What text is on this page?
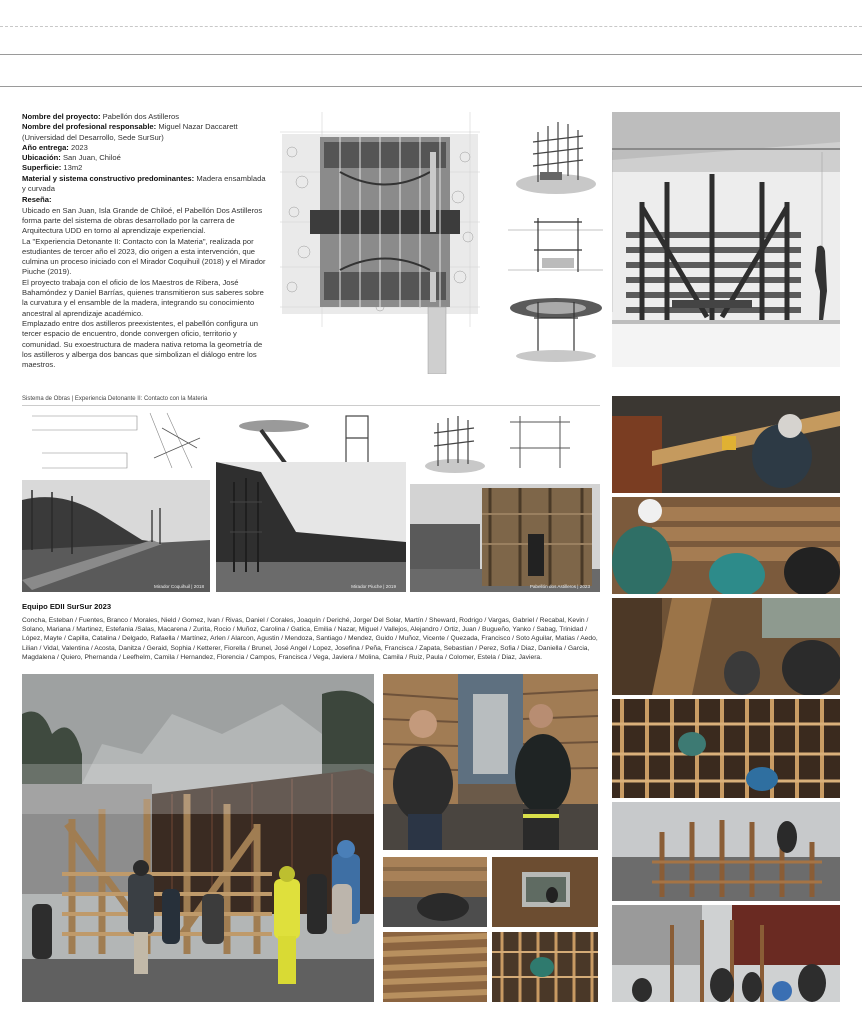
Nombre del proyecto: Pabellón dos Astilleros

Nombre del profesional responsable: Miguel Nazar Daccarett (Universidad del Desarrollo, Sede SurSur)

Año entrega: 2023

Ubicación: San Juan, Chiloé

Superficie: 13m2

Material y sistema constructivo predominantes: Madera ensamblada y curvada

Reseña:

Ubicado en San Juan, Isla Grande de Chiloé, el Pabellón Dos Astilleros forma parte del sistema de obras desarrollado por la carrera de Arquitectura UDD en torno al aprendizaje experiencial.

La "Experiencia Detonante II: Contacto con la Materia", realizada por estudiantes de tercer año el 2023, dio origen a esta intervención, que culmina un proceso iniciado con el Mirador Coquihuil (2018) y el Mirador Piuche (2019).

El proyecto trabaja con el oficio de los Maestros de Ribera, José Bahamóndez y Daniel Barrías, quienes transmitieron sus saberes sobre la curvatura y el ensamble de la madera, integrando su conocimiento ancestral al aprendizaje académico.

Emplazado entre dos astilleros preexistentes, el pabellón configura un tercer espacio de encuentro, donde convergen oficio, territorio y comunidad. Su exoestructura de madera nativa retoma la geometría de los astilleros y alberga dos bancas que simbolizan el diálogo entre los maestros.

Sistema de Obras | Experiencia Detonante II: Contacto con la Materia
Mirador Coquihuil | 2018	Mirador Piuche | 2019	Pabellón dos Astilleros | 2023
Equipo EDII SurSur 2023
Concha, Esteban / Fuentes, Branco / Morales, Nield / Gomez, Ivan / Rivas, Daniel / Corales, Joaquín / Deriché, Jorge/ Del Solar, Martín / Sheward, Rodrigo / Vargas, Gabriel / Recabal, Kevin / Solano, Mariana / Martinez, Estefania /Salas, Macarena / Zurita, Rocio / Muñoz, Carolina / Gatica, Emilia / Nazar, Miguel / Vallejos, Alejandro / Ortiz, Juan / Bugueño, Yanko / Sabag, Trinidad / López, Mayte / Capilla, Catalina / Delgado, Rafaella / Martínez, Arlen / Alarcon, Agustin / Mendoza, Santiago / Mendez, Guido / Muñoz, Vicente / Quezada, Francisco / Soto Aguilar, Matias / Aedo, Lilian / Vidal, Valentina / Acosta, Danitza / Geraid, Sophia / Ketterer, Fiorella / Brunel, José Angel / Lopez, Josefina / Peña, Francisca / Zapata, Sebastian / Perez, Sofia / Diaz, Daniella / Garcia, Magdalena / Quiero, Phernanda / Leefhelm, Camila / Hernandez, Florencia / Campos, Francisca / Vega, Javiera / Molina, Camila / Ruiz, Paula / Colomer, Estela / Diaz, Javiera.
